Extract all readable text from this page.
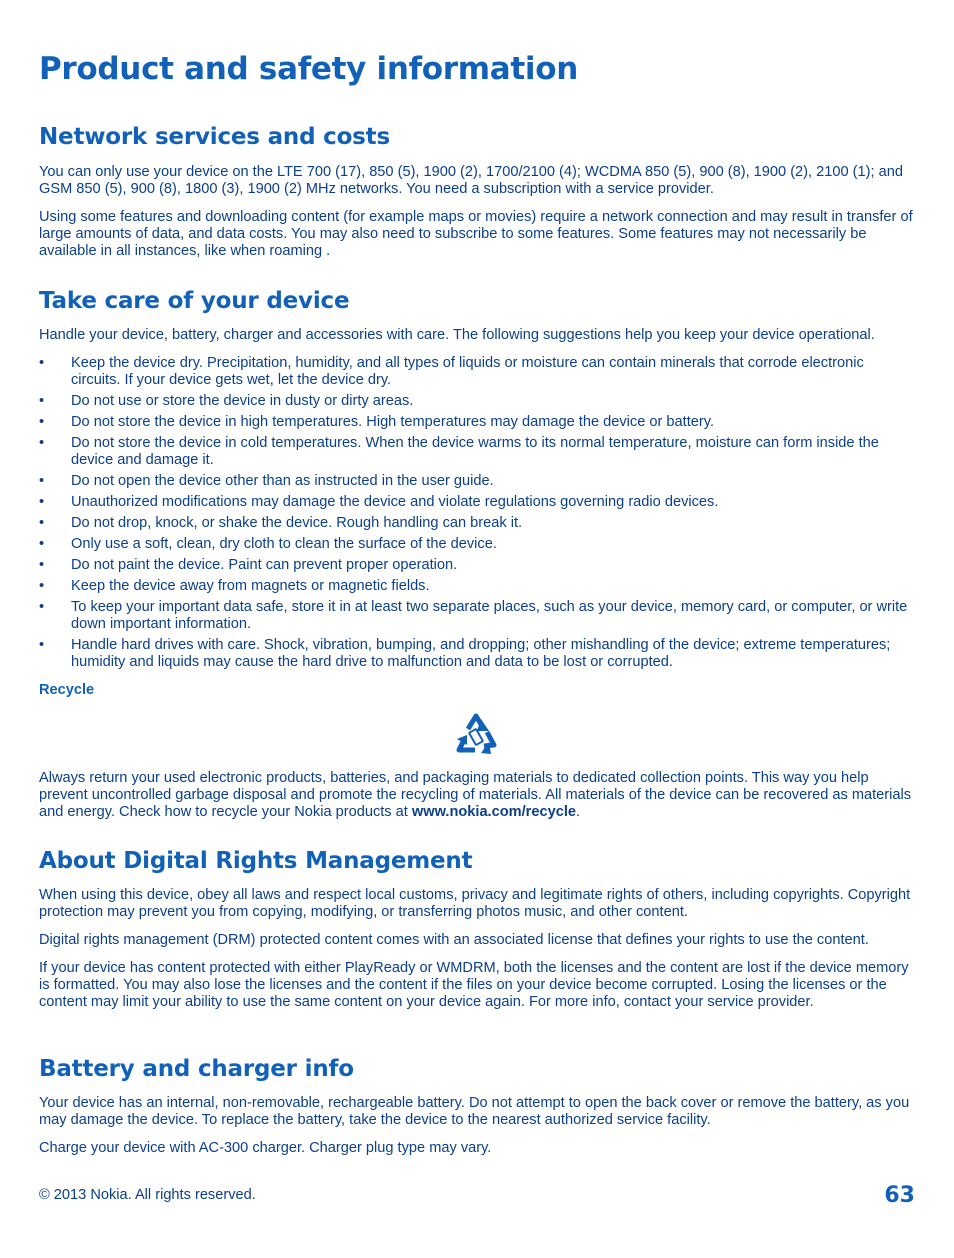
Product and safety information
Network services and costs

You can only use your device on the LTE 700 (17), 850 (5), 1900 (2), 1700/2100 (4); WCDMA 850 (5), 900 (8), 1900 (2), 2100 (1); and GSM 850 (5), 900 (8), 1800 (3), 1900 (2) MHz networks. You need a subscription with a service provider.

Using some features and downloading content (for example maps or movies) require a network connection and may result in transfer of large amounts of data, and data costs. You may also need to subscribe to some features. Some features may not necessarily be available in all instances, like when roaming .

Take care of your device

Handle your device, battery, charger and accessories with care. The following suggestions help you keep your device operational.

• Keep the device dry. Precipitation, humidity, and all types of liquids or moisture can contain minerals that corrode electronic circuits. If your device gets wet, let the device dry.
• Do not use or store the device in dusty or dirty areas.
• Do not store the device in high temperatures. High temperatures may damage the device or battery.
• Do not store the device in cold temperatures. When the device warms to its normal temperature, moisture can form inside the device and damage it.
• Do not open the device other than as instructed in the user guide.
• Unauthorized modifications may damage the device and violate regulations governing radio devices.
• Do not drop, knock, or shake the device. Rough handling can break it.
• Only use a soft, clean, dry cloth to clean the surface of the device.
• Do not paint the device. Paint can prevent proper operation.
• Keep the device away from magnets or magnetic fields.
• To keep your important data safe, store it in at least two separate places, such as your device, memory card, or computer, or write down important information.
• Handle hard drives with care. Shock, vibration, bumping, and dropping; other mishandling of the device; extreme temperatures; humidity and liquids may cause the hard drive to malfunction and data to be lost or corrupted.

Recycle

Always return your used electronic products, batteries, and packaging materials to dedicated collection points. This way you help prevent uncontrolled garbage disposal and promote the recycling of materials. All materials of the device can be recovered as materials and energy. Check how to recycle your Nokia products at www.nokia.com/recycle.

About Digital Rights Management

When using this device, obey all laws and respect local customs, privacy and legitimate rights of others, including copyrights. Copyright protection may prevent you from copying, modifying, or transferring photos music, and other content.

Digital rights management (DRM) protected content comes with an associated license that defines your rights to use the content.

If your device has content protected with either PlayReady or WMDRM, both the licenses and the content are lost if the device memory is formatted. You may also lose the licenses and the content if the files on your device become corrupted. Losing the licenses or the content may limit your ability to use the same content on your device again. For more info, contact your service provider.

Battery and charger info

Your device has an internal, non-removable, rechargeable battery. Do not attempt to open the back cover or remove the battery, as you may damage the device. To replace the battery, take the device to the nearest authorized service facility.

Charge your device with AC-300 charger. Charger plug type may vary.

© 2013 Nokia. All rights reserved.	63
